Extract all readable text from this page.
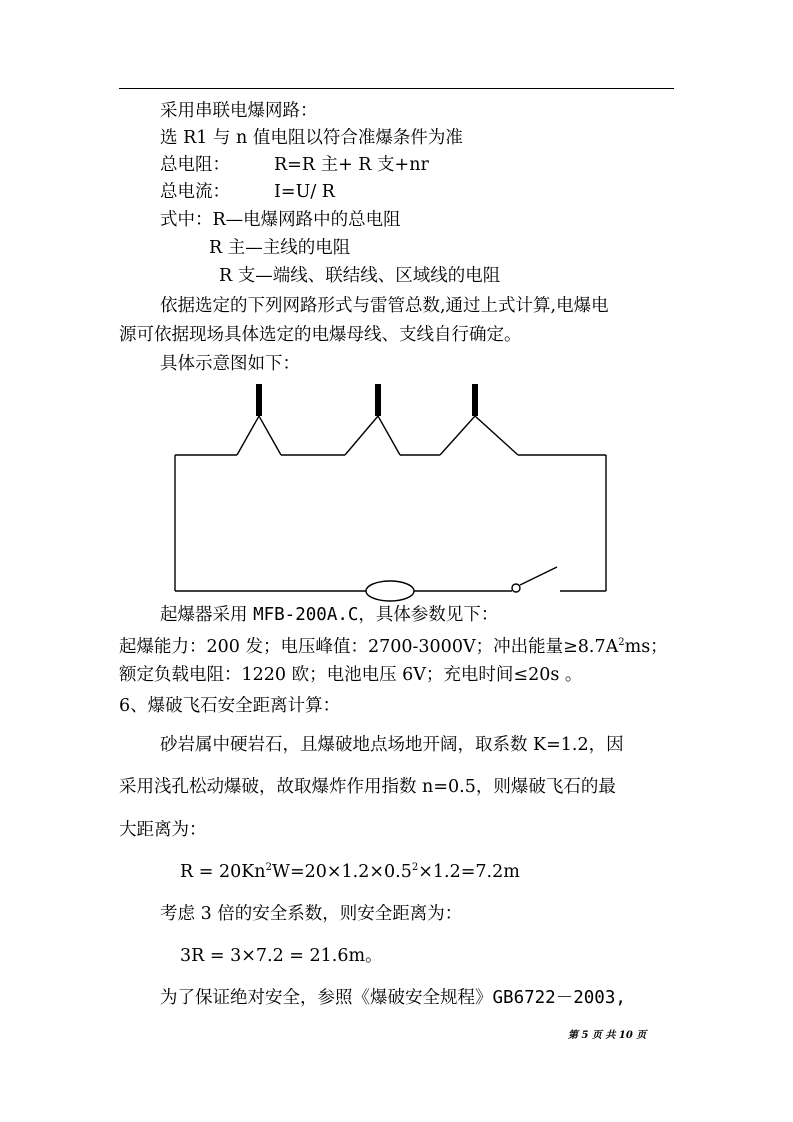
采用串联电爆网路：
选 R1 与 n 值电阻以符合准爆条件为准
总电阻：	R=R 主+ R 支+nr
总电流：	I=U/ R
式中：R—电爆网路中的总电阻
R 主—主线的电阻
R 支—端线、联结线、区域线的电阻
依据选定的下列网路形式与雷管总数,通过上式计算,电爆电
源可依据现场具体选定的电爆母线、支线自行确定。
具体示意图如下：
起爆器采用 MFB-200A.C，具体参数见下：
起爆能力：200 发；电压峰值：2700-3000V；冲出能量$\ge 8.7A^2ms$；
额定负载电阻：1220 欧；电池电压 6V；充电时间≤20s 。
6、爆破飞石安全距离计算：
砂岩属中硬岩石，且爆破地点场地开阔，取系数 K=1.2，因
采用浅孔松动爆破，故取爆炸作用指数 n=0.5，则爆破飞石的最
大距离为：
$R = 20Kn^2W=20\times 1.2\times 0.5^2\times 1.2=7.2m$
考虑 3 倍的安全系数，则安全距离为：
3R = 3×7.2 = 21.6m。
为了保证绝对安全，参照《爆破安全规程》GB6722－2003,
第 5 页 共 10 页
